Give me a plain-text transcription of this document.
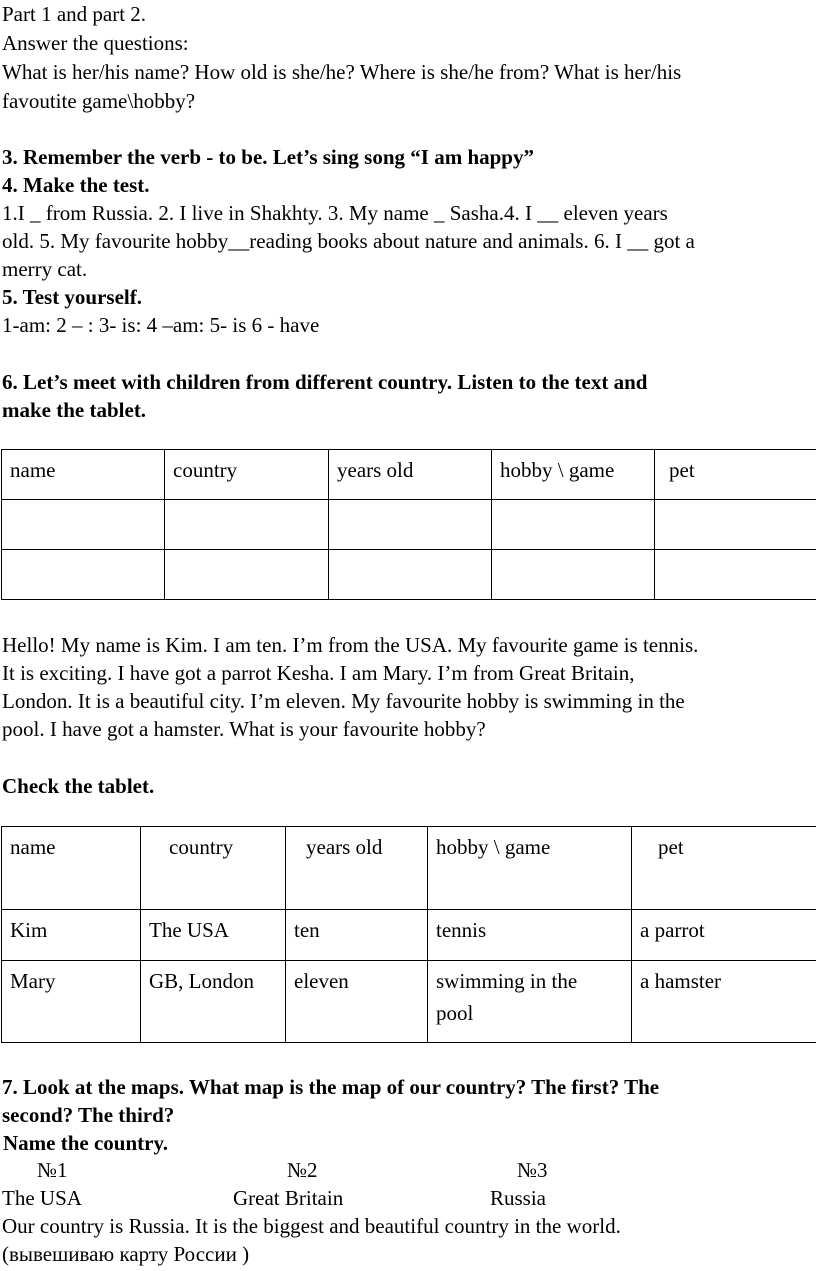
Part 1 and part 2.
Answer the questions:
What is her/his name? How old is she/he? Where is she/he from? What is her/his
favoutite game\hobby?
3. Remember the verb - to be. Let’s sing song “I am happy”
4. Make the test.
1.I _ from Russia. 2. I live in Shakhty. 3. My name _ Sasha.4. I __ eleven years
old. 5. My favourite hobby__reading books about nature and animals. 6. I __ got a
merry cat.
5. Test yourself.
1-am: 2 – : 3- is: 4 –am: 5- is 6 - have
6. Let’s meet with children from different country. Listen to the text and
make the tablet.
name	country	years old	hobby \ game	pet

Hello! My name is Kim. I am ten. I’m from the USA. My favourite game is tennis.
It is exciting. I have got a parrot Kesha. I am Mary. I’m from Great Britain,
London. It is a beautiful city. I’m eleven. My favourite hobby is swimming in the
pool. I have got a hamster. What is your favourite hobby?
Check the tablet.
name	country	years old	hobby \ game	pet
Kim	The USA	ten	tennis	a parrot
Mary	GB, London	eleven	swimming in the pool	a hamster
7. Look at the maps. What map is the map of our country? The first? The
second? The third?
Name the country.
№1	№2	№3
The USA	Great Britain	Russia
Our country is Russia. It is the biggest and beautiful country in the world.
(вывешиваю карту России )
